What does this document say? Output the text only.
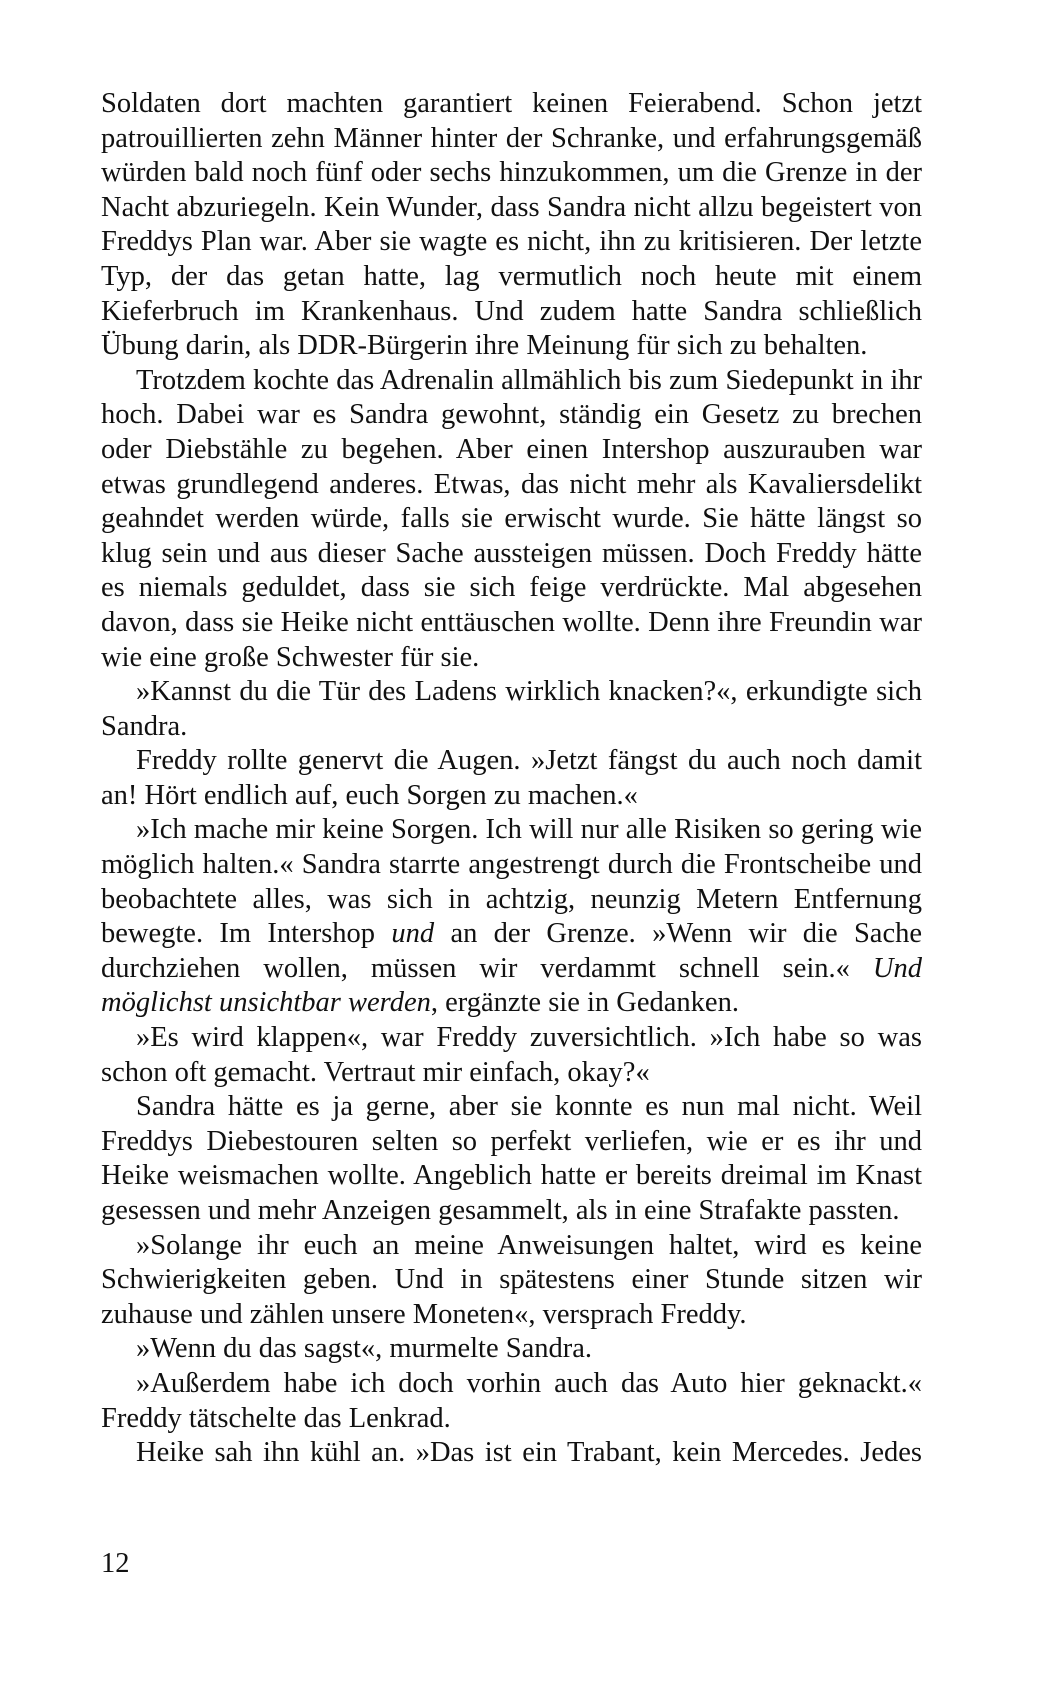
Soldaten dort machten garantiert keinen Feierabend. Schon jetzt patrouillierten zehn Männer hinter der Schranke, und erfahrungsgemäß würden bald noch fünf oder sechs hinzukommen, um die Grenze in der Nacht abzuriegeln. Kein Wunder, dass Sandra nicht allzu begeistert von Freddys Plan war. Aber sie wagte es nicht, ihn zu kritisieren. Der letzte Typ, der das getan hatte, lag vermutlich noch heute mit einem Kieferbruch im Krankenhaus. Und zudem hatte Sandra schließlich Übung darin, als DDR-Bürgerin ihre Meinung für sich zu behalten.

Trotzdem kochte das Adrenalin allmählich bis zum Siedepunkt in ihr hoch. Dabei war es Sandra gewohnt, ständig ein Gesetz zu brechen oder Diebstähle zu begehen. Aber einen Intershop auszurauben war etwas grundlegend anderes. Etwas, das nicht mehr als Kavaliersdelikt geahndet werden würde, falls sie erwischt wurde. Sie hätte längst so klug sein und aus dieser Sache aussteigen müssen. Doch Freddy hätte es niemals geduldet, dass sie sich feige verdrückte. Mal abgesehen davon, dass sie Heike nicht enttäuschen wollte. Denn ihre Freundin war wie eine große Schwester für sie.

»Kannst du die Tür des Ladens wirklich knacken?«, erkundigte sich Sandra.

Freddy rollte genervt die Augen. »Jetzt fängst du auch noch damit an! Hört endlich auf, euch Sorgen zu machen.«

»Ich mache mir keine Sorgen. Ich will nur alle Risiken so gering wie möglich halten.« Sandra starrte angestrengt durch die Frontscheibe und beobachtete alles, was sich in achtzig, neunzig Metern Entfernung bewegte. Im Intershop und an der Grenze. »Wenn wir die Sache durchziehen wollen, müssen wir verdammt schnell sein.« Und möglichst unsichtbar werden, ergänzte sie in Gedanken.

»Es wird klappen«, war Freddy zuversichtlich. »Ich habe so was schon oft gemacht. Vertraut mir einfach, okay?«

Sandra hätte es ja gerne, aber sie konnte es nun mal nicht. Weil Freddys Diebestouren selten so perfekt verliefen, wie er es ihr und Heike weismachen wollte. Angeblich hatte er bereits dreimal im Knast gesessen und mehr Anzeigen gesammelt, als in eine Strafakte passten.

»Solange ihr euch an meine Anweisungen haltet, wird es keine Schwierigkeiten geben. Und in spätestens einer Stunde sitzen wir zuhause und zählen unsere Moneten«, versprach Freddy.

»Wenn du das sagst«, murmelte Sandra.

»Außerdem habe ich doch vorhin auch das Auto hier geknackt.« Freddy tätschelte das Lenkrad.

Heike sah ihn kühl an. »Das ist ein Trabant, kein Mercedes. Jedes

12
